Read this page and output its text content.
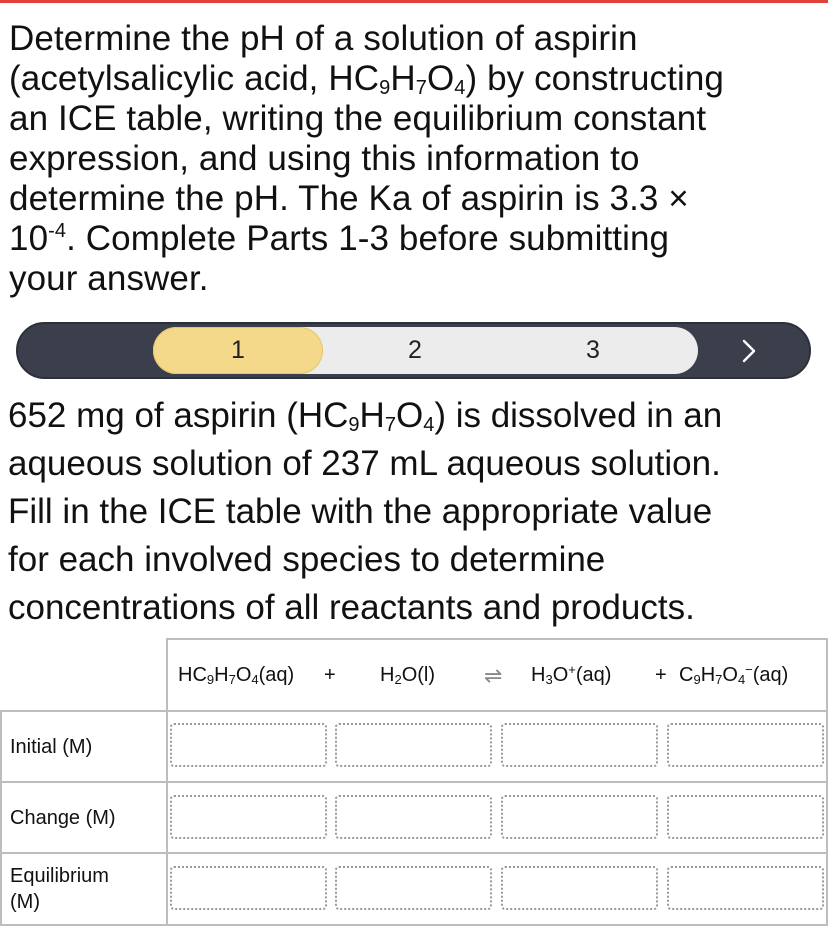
Determine the pH of a solution of aspirin
(acetylsalicylic acid, $HC_9H_7O_4$) by constructing
an ICE table, writing the equilibrium constant
expression, and using this information to
determine the pH. The Ka of aspirin is 3.3 ×
$10^{-4}$. Complete Parts 1-3 before submitting
your answer.
1	2	3
652 mg of aspirin $(HC_9H_7O_4)$ is dissolved in an
aqueous solution of 237 mL aqueous solution.
Fill in the ICE table with the appropriate value
for each involved species to determine
concentrations of all reactants and products.
$HC_9H_7O_4(aq) + H_2O(l)$ ⇌ $H_3O^+(aq) + C_9H_7O_4^-(aq)$
Initial (M)
Change (M)
Equilibrium
(M)
